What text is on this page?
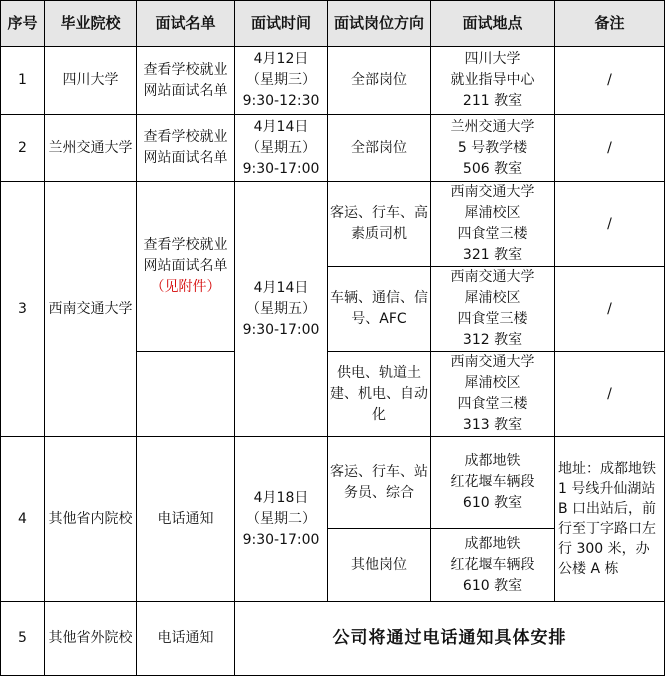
序号	毕业院校	面试名单	面试时间	面试岗位方向	面试地点	备注
1	四川大学	查看学校就业网站面试名单	4月12日
（星期三）
9:30-12:30	全部岗位	四川大学
就业指导中心
211 教室	/
2	兰州交通大学	查看学校就业网站面试名单	4月14日
（星期五）
9:30-17:00	全部岗位	兰州交通大学
5 号教学楼
506 教室	/
3	西南交通大学	查看学校就业网站面试名单
（见附件）	4月14日
（星期五）
9:30-17:00	客运、行车、高素质司机	西南交通大学
犀浦校区
四食堂三楼
321 教室	/
				车辆、通信、信号、AFC	西南交通大学
犀浦校区
四食堂三楼
312 教室	/
				供电、轨道土建、机电、自动化	西南交通大学
犀浦校区
四食堂三楼
313 教室	/
4	其他省内院校	电话通知	4月18日
（星期二）
9:30-17:00	客运、行车、站务员、综合	成都地铁
红花堰车辆段
610 教室	地址：成都地铁 1 号线升仙湖站 B 口出站后，前行至丁字路口左行 300 米，办公楼 A 栋
				其他岗位	成都地铁
红花堰车辆段
610 教室	
5	其他省外院校	电话通知	公司将通过电话通知具体安排			
